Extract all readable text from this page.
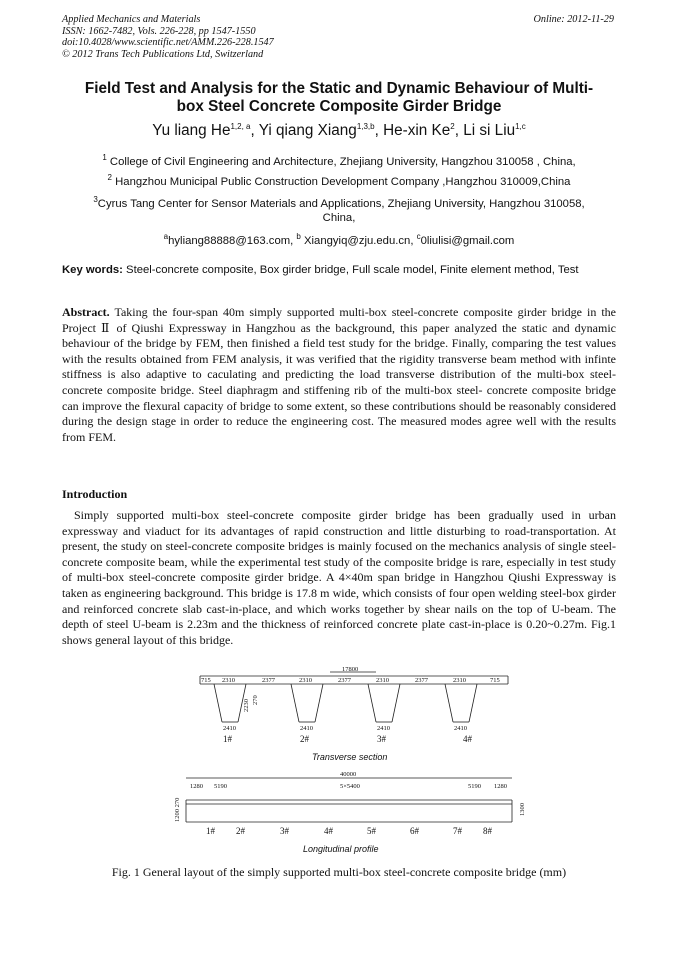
Applied Mechanics and Materials
ISSN: 1662-7482, Vols. 226-228, pp 1547-1550
doi:10.4028/www.scientific.net/AMM.226-228.1547
© 2012 Trans Tech Publications Ltd, Switzerland
Online: 2012-11-29
Field Test and Analysis for the Static and Dynamic Behaviour of Multi-
box Steel Concrete Composite Girder Bridge
Yu liang He$^{1,2, a}$, Yi qiang Xiang$^{1,3,b}$, He-xin Ke$^2$, Li si Liu$^{1,c}$
$^1$ College of Civil Engineering and Architecture, Zhejiang University, Hangzhou 310058 , China,
$^2$ Hangzhou Municipal Public Construction Development Company ,Hangzhou 310009,China
$^3$Cyrus Tang Center for Sensor Materials and Applications, Zhejiang University, Hangzhou 310058,
China,
$^a$hyliang88888@163.com, $^b$ Xiangyiq@zju.edu.cn, $^c$0liulisi@gmail.com
Key words: Steel-concrete composite, Box girder bridge, Full scale model, Finite element method, Test
Abstract. Taking the four-span 40m simply supported multi-box steel-concrete composite girder bridge in the Project Ⅱ of Qiushi Expressway in Hangzhou as the background, this paper analyzed the static and dynamic behaviour of the bridge by FEM, then finished a field test study for the bridge. Finally, comparing the test values with the results obtained from FEM analysis, it was verified that the rigidity transverse beam method with infinte stiffness is also adaptive to caculating and predicting the load transverse distribution of the multi-box steel-concrete composite bridge. Steel diaphragm and stiffening rib of the multi-box steel- concrete composite bridge can improve the flexural capacity of bridge to some extent, so these contributions should be reasonably considered during the design stage in order to reduce the engineering cost. The measured modes agree well with the results from FEM.
Introduction
Simply supported multi-box steel-concrete composite girder bridge has been gradually used in urban expressway and viaduct for its advantages of rapid construction and little disturbing to road-transportation. At present, the study on steel-concrete composite bridges is mainly focused on the mechanics analysis of single steel-concrete composite beam, while the experimental test study of the composite bridge is rare, especially in test study of multi-box steel-concrete composite girder bridge. A 4×40m span bridge in Hangzhou Qiushi Expressway is taken as engineering background. This bridge is 17.8 m wide, which consists of four open welding steel-box girder and reinforced concrete slab cast-in-place, and which works together by shear nails on the top of U-beam. The depth of steel U-beam is 2.23m and the thickness of reinforced concrete plate cast-in-place is 0.20~0.27m. Fig.1 shows general layout of this bridge.
17800
715 2310	2377	2310	2377	2310	2377	2310	715
270
2230
2410	2410	2410	2410
1#	2#	3#	4#
Transverse section
40000
1280 5190	5×5400	5190 1280
1200 270	1300
1# 2#	3#	4#	5#	6#	7# 8#
Longitudinal profile
Fig. 1 General layout of the simply supported multi-box steel-concrete composite bridge (mm)
